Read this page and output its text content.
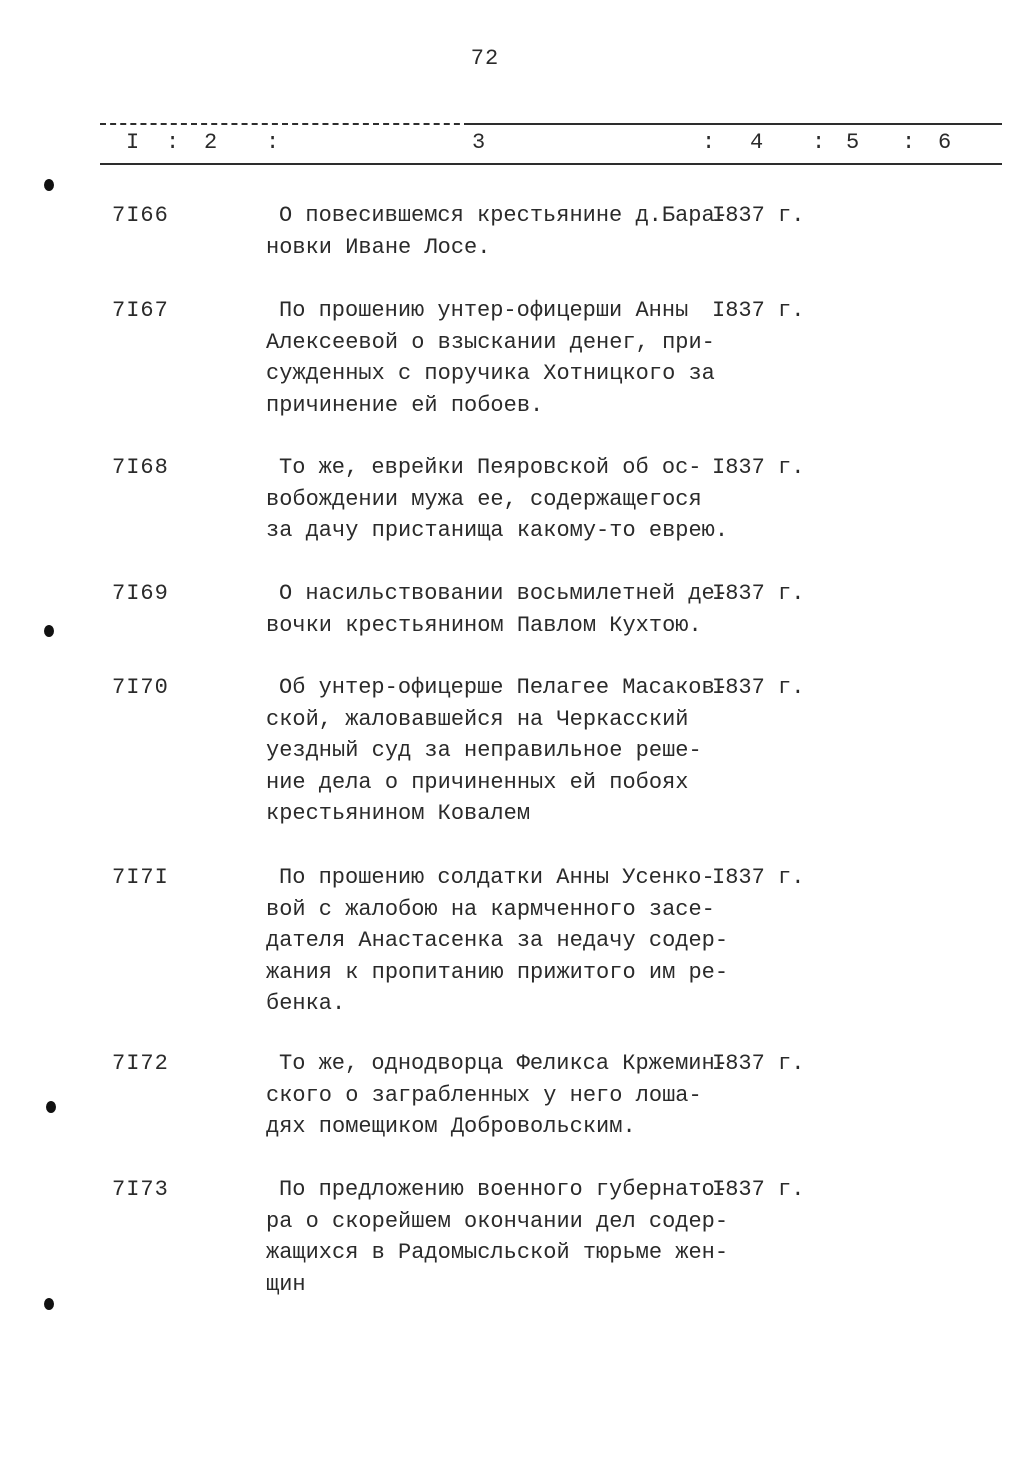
72
I : 2 :	3	: 4 : 5 : 6
7I66	О повесившемся крестьянине д.Бара-
новки Иване Лосе.
I837 г.
7I67	По прошению унтер-офицерши Анны
Алексеевой о взыскании денег, при-
сужденных с поручика Хотницкого за
причинение ей побоев.
I837 г.
7I68	То же, еврейки Пеяровской об ос-
вобождении мужа ее, содержащегося
за дачу пристанища какому-то еврею.
I837 г.
7I69	О насильствовании восьмилетней де-
вочки крестьянином Павлом Кухтою.
I837 г.
7I70	Об унтер-офицерше Пелагее Масаков-
ской, жаловавшейся на Черкасский
уездный суд за неправильное реше-
ние дела о причиненных ей побоях
крестьянином Ковалем
I837 г.
7I7I	По прошению солдатки Анны Усенко-
вой с жалобою на кармченного засе-
дателя Анастасенка за недачу содер-
жания к пропитанию прижитого им ре-
бенка.
I837 г.
7I72	То же, однодворца Феликса Кржемин-
ского о заграбленных у него лоша-
дях помещиком Добровольским.
I837 г.
7I73	По предложению военного губернато-
ра о скорейшем окончании дел содер-
жащихся в Радомысльской тюрьме жен-
щин
I837 г.
